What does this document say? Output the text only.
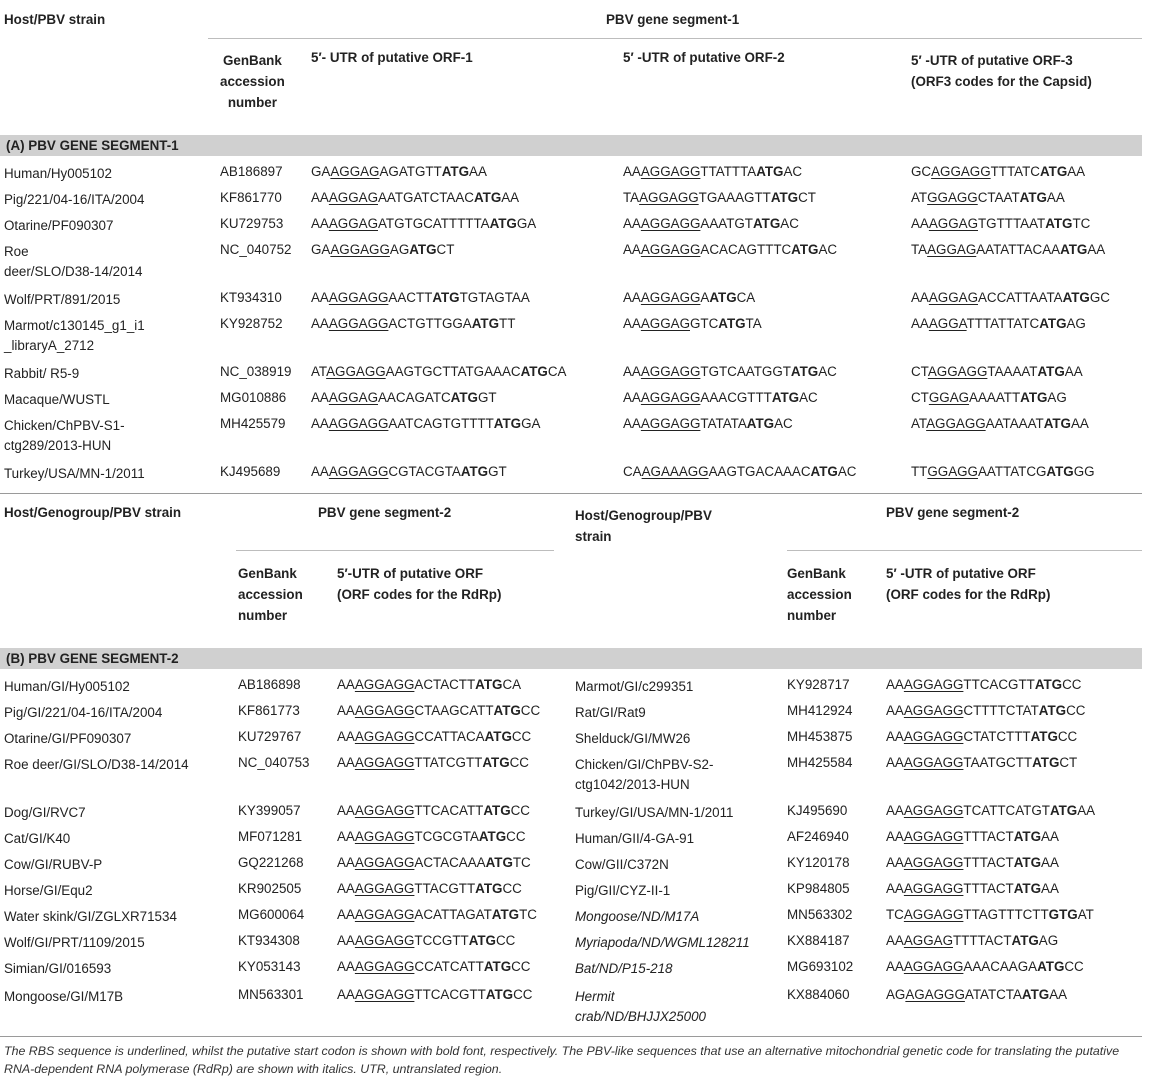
Host/PBV strain	PBV gene segment-1
GenBank
accession
number
5′- UTR of putative ORF-1	5′ -UTR of putative ORF-2	5′ -UTR of putative ORF-3
(ORF3 codes for the Capsid)
(A) PBV GENE SEGMENT-1
Human/Hy005102	AB186897 GAAGGAGAGATGTTATGAA	AAAGGAGGTTATTTAATGAC	GCAGGAGGTTTATCATGAA
Pig/221/04-16/ITA/2004	KF861770 AAAGGAGAATGATCTAACATGAA	TAAGGAGGTGAAAGTTATGCT	ATGGAGGCTAATATGAA
Otarine/PF090307	KU729753 AAAGGAGATGTGCATTTTTAATGGA	AAAGGAGGAAATGTATGAC	AAAGGAGTGTTTAATATGTC
Roe
deer/SLO/D38-14/2014
NC_040752 GAAGGAGGAGATGCT	AAAGGAGGACACAGTTTCATGAC	TAAGGAGAATATTACAAATGAA
Wolf/PRT/891/2015	KT934310 AAAGGAGGAACTTATGTGTAGTAA	AAAGGAGGAATGCA	AAAGGAGACCATTAATAATGGC
Marmot/c130145_g1_i1
_libraryA_2712
KY928752 AAAGGAGGACTGTTGGAATGTT	AAAGGAGGTCATGTA	AAAGGATTTATTATCATGAG
Rabbit/ R5-9	NC_038919 ATAGGAGGAAGTGCTTATGAAACATGCA	AAAGGAGGTGTCAATGGTATGAC	CTAGGAGGTAAAATATGAA
Macaque/WUSTL	MG010886 AAAGGAGAACAGATCATGGT	AAAGGAGGAAACGTTTATGAC	CTGGAGAAAATTATGAG
Chicken/ChPBV-S1-
ctg289/2013-HUN
MH425579 AAAGGAGGAATCAGTGTTTTATGGA	AAAGGAGGTATATAATGAC	ATAGGAGGAATAAATATGAA
Turkey/USA/MN-1/2011	KJ495689 AAAGGAGGCGTACGTAATGGT	CAAGAAAGGAAGTGACAAACATGAC	TTGGAGGAATTATCGATGGG
Host/Genogroup/PBV strain	PBV gene segment-2	Host/Genogroup/PBV
strain
PBV gene segment-2
GenBank
accession
number
5′-UTR of putative ORF
(ORF codes for the RdRp)
GenBank
accession
number
5′ -UTR of putative ORF
(ORF codes for the RdRp)
(B) PBV GENE SEGMENT-2
Human/GI/Hy005102	AB186898	AAAGGAGGACTACTTATGCA	Marmot/GI/c299351	KY928717	AAAGGAGGTTCACGTTATGCC
Pig/GI/221/04-16/ITA/2004	KF861773	AAAGGAGGCTAAGCATTATGCC	Rat/GI/Rat9	MH412924 AAAGGAGGCTTTTCTATATGCC
Otarine/GI/PF090307	KU729767	AAAGGAGGCCATTACAATGCC	Shelduck/GI/MW26	MH453875 AAAGGAGGCTATCTTTATGCC
Roe deer/GI/SLO/D38-14/2014	NC_040753 AAAGGAGGTTATCGTTATGCC	Chicken/GI/ChPBV-S2-
ctg1042/2013-HUN
MH425584 AAAGGAGGTAATGCTTATGCT
Dog/GI/RVC7	KY399057	AAAGGAGGTTCACATTATGCC	Turkey/GI/USA/MN-1/2011	KJ495690	AAAGGAGGTCATTCATGTATGAA
Cat/GI/K40	MF071281	AAAGGAGGTCGCGTAATGCC	Human/GII/4-GA-91	AF246940	AAAGGAGGTTTACTATGAA
Cow/GI/RUBV-P	GQ221268 AAAGGAGGACTACAAAATGTC	Cow/GII/C372N	KY120178	AAAGGAGGTTTACTATGAA
Horse/GI/Equ2	KR902505	AAAGGAGGTTACGTTATGCC	Pig/GII/CYZ-II-1	KP984805	AAAGGAGGTTTACTATGAA
Water skink/GI/ZGLXR71534	MG600064 AAAGGAGGACATTAGATATGTC	Mongoose/ND/M17A	MN563302 TCAGGAGGTTAGTTTCTTGTGAT
Wolf/GI/PRT/1109/2015	KT934308	AAAGGAGGTCCGTTATGCC	Myriapoda/ND/WGML128211	KX884187	AAAGGAGTTTTACTATGAG
Simian/GI/016593	KY053143	AAAGGAGGCCATCATTATGCC	Bat/ND/P15-218	MG693102 AAAGGAGGAAACAAGAATGCC
Mongoose/GI/M17B	MN563301 AAAGGAGGTTCACGTTATGCC	Hermit
crab/ND/BHJJX25000
KX884060	AGAGAGGGATATCTAATGAA
The RBS sequence is underlined, whilst the putative start codon is shown with bold font, respectively. The PBV-like sequences that use an alternative mitochondrial genetic code for translating the putative RNA-dependent RNA polymerase (RdRp) are shown with italics. UTR, untranslated region.
